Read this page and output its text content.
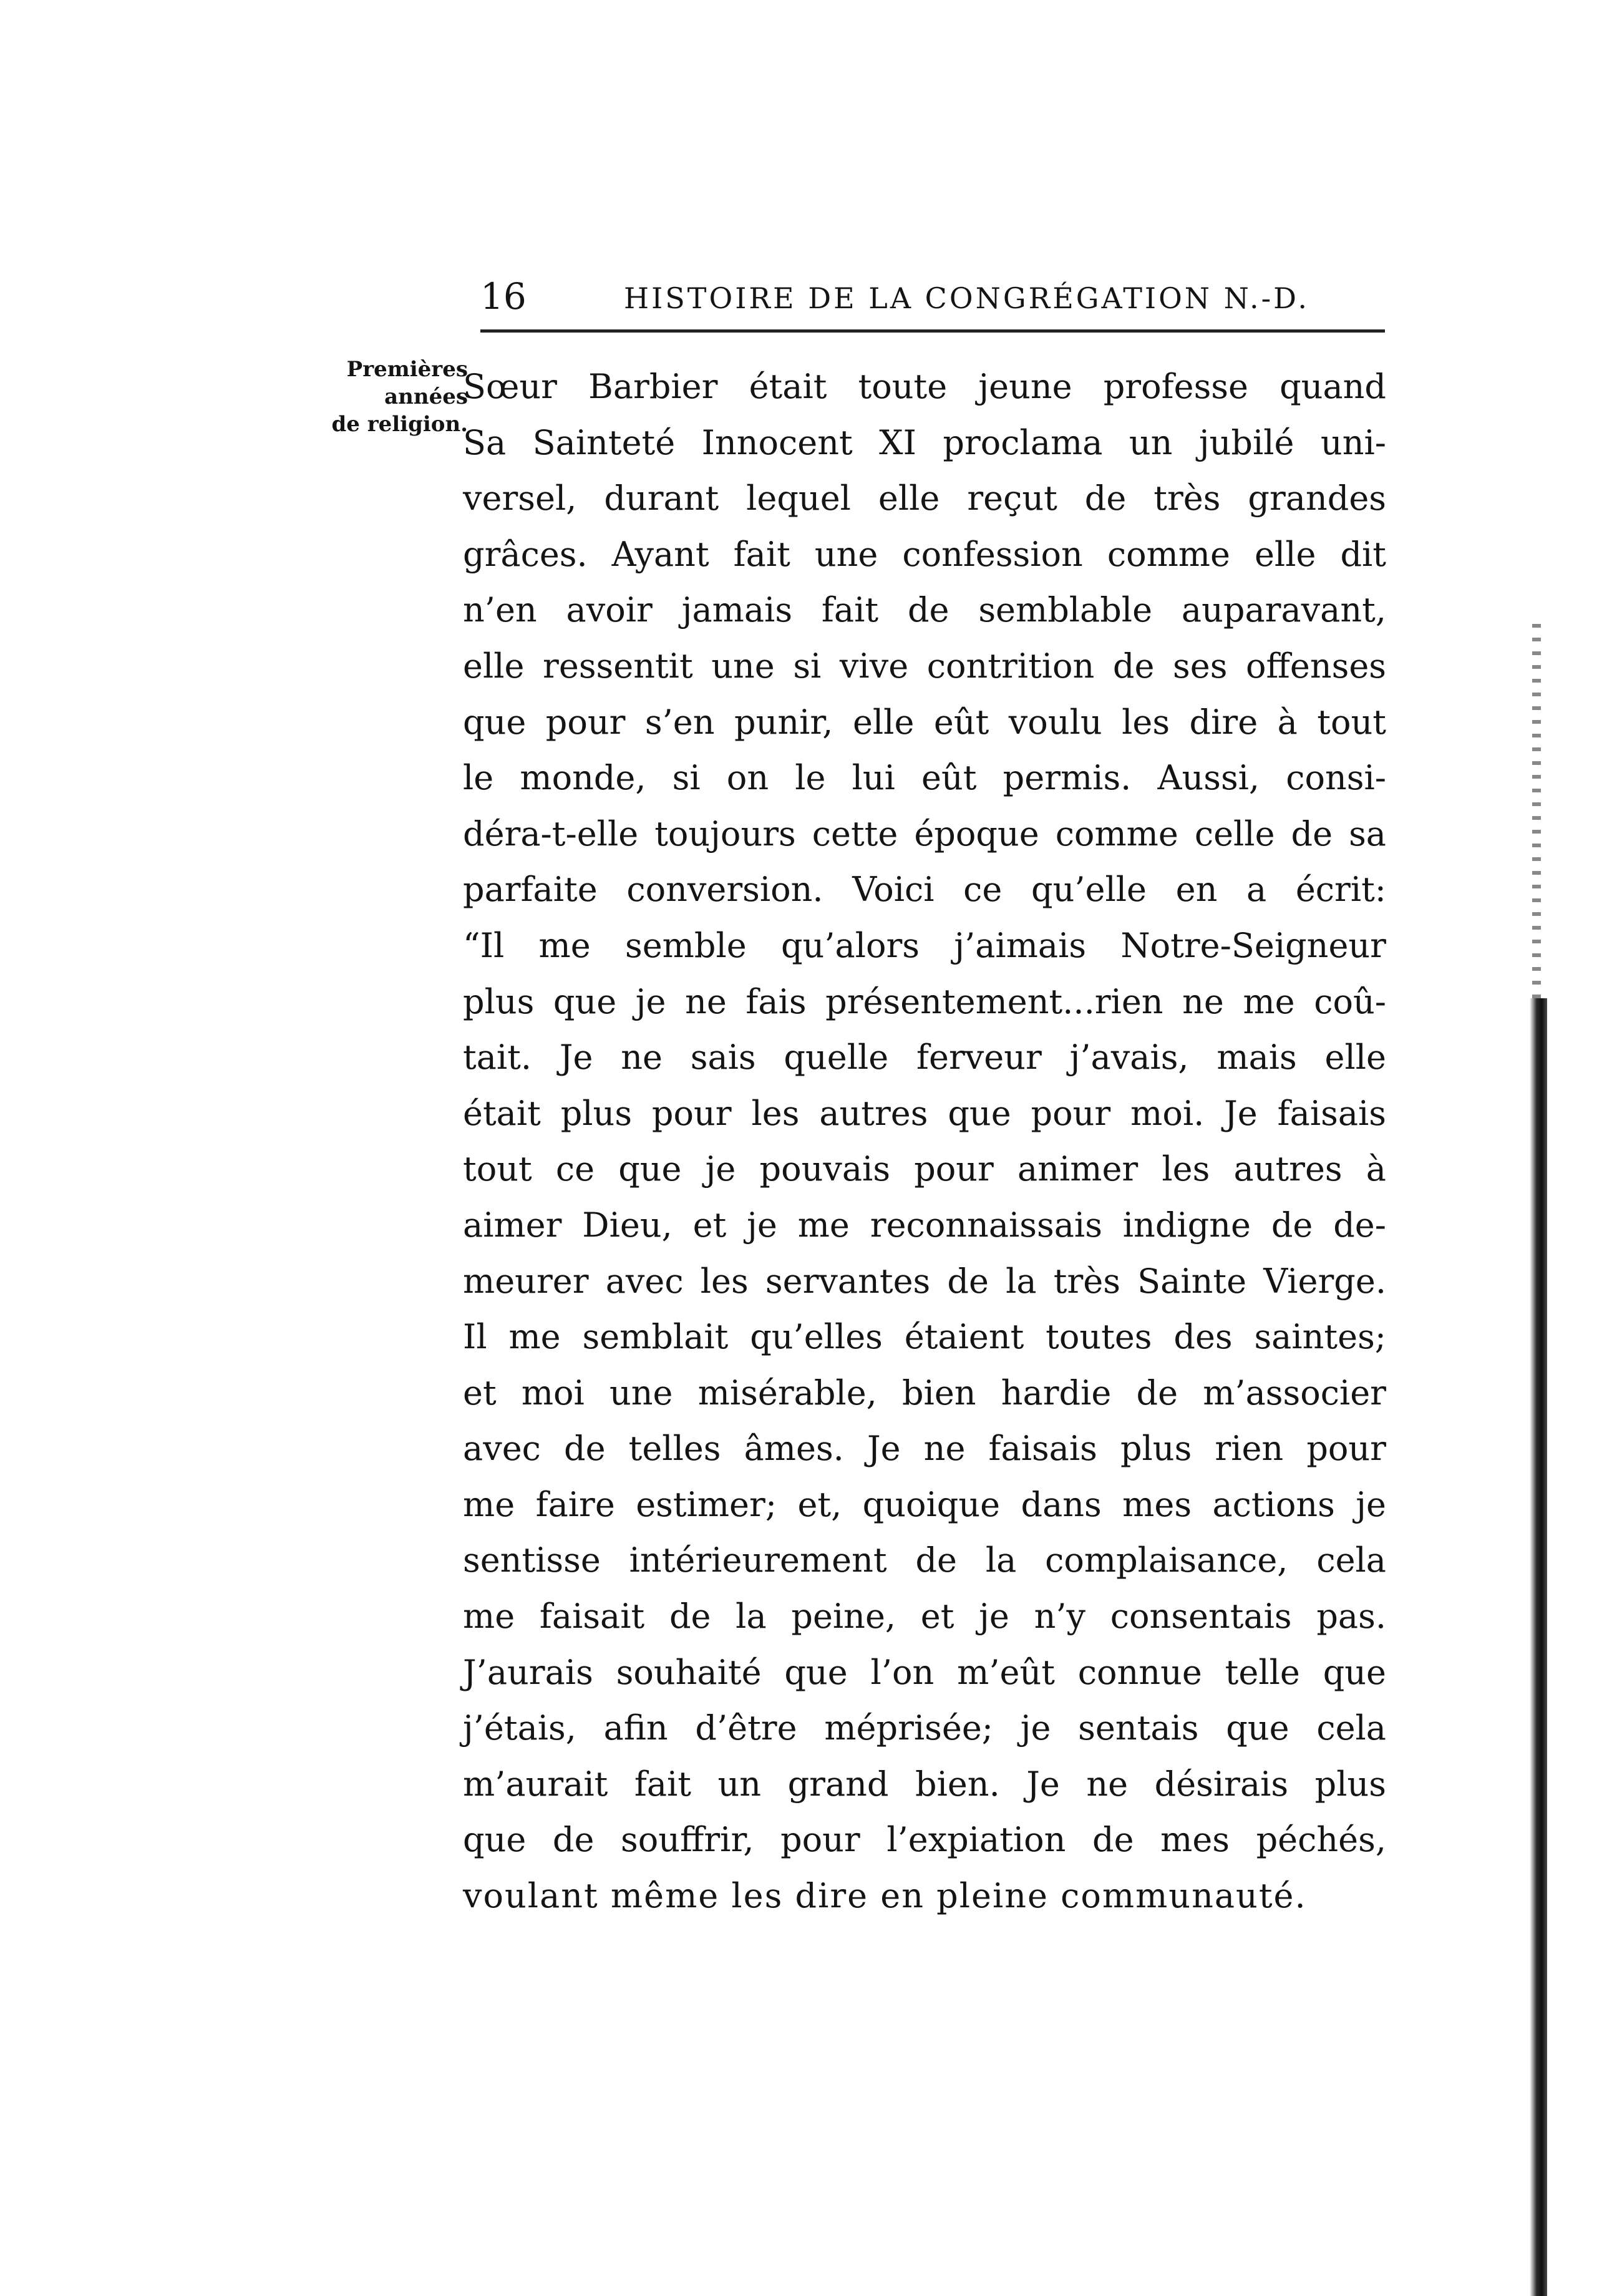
16	HISTOIRE DE LA CONGRÉGATION N.-D.
Premières
années
de religion.
Sœur Barbier était toute jeune professe quand
Sa Sainteté Innocent XI proclama un jubilé uni-
versel, durant lequel elle reçut de très grandes
grâces. Ayant fait une confession comme elle dit
n’en avoir jamais fait de semblable auparavant,
elle ressentit une si vive contrition de ses offenses
que pour s’en punir, elle eût voulu les dire à tout
le monde, si on le lui eût permis. Aussi, consi-
déra-t-elle toujours cette époque comme celle de sa
parfaite conversion. Voici ce qu’elle en a écrit:
“Il me semble qu’alors j’aimais Notre-Seigneur
plus que je ne fais présentement...rien ne me coû-
tait. Je ne sais quelle ferveur j’avais, mais elle
était plus pour les autres que pour moi. Je faisais
tout ce que je pouvais pour animer les autres à
aimer Dieu, et je me reconnaissais indigne de de-
meurer avec les servantes de la très Sainte Vierge.
Il me semblait qu’elles étaient toutes des saintes;
et moi une misérable, bien hardie de m’associer
avec de telles âmes. Je ne faisais plus rien pour
me faire estimer; et, quoique dans mes actions je
sentisse intérieurement de la complaisance, cela
me faisait de la peine, et je n’y consentais pas.
J’aurais souhaité que l’on m’eût connue telle que
j’étais, afin d’être méprisée; je sentais que cela
m’aurait fait un grand bien. Je ne désirais plus
que de souffrir, pour l’expiation de mes péchés,
voulant même les dire en pleine communauté.
